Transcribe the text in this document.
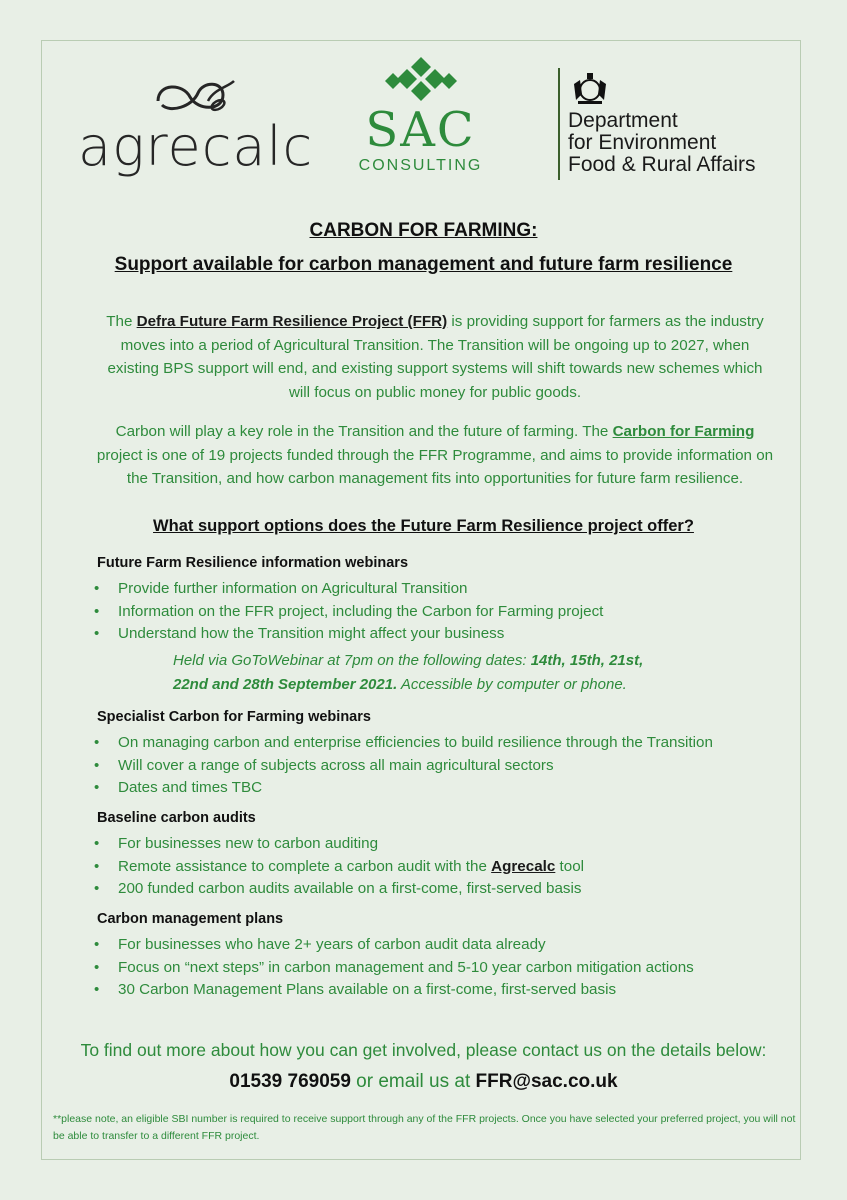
agrecalc	SAC
CONSULTING
Department
for Environment
Food & Rural Affairs
CARBON FOR FARMING:
Support available for carbon management and future farm resilience
The Defra Future Farm Resilience Project (FFR) is providing support for farmers as the industry moves into a period of Agricultural Transition. The Transition will be ongoing up to 2027, when existing BPS support will end, and existing support systems will shift towards new schemes which will focus on public money for public goods.
Carbon will play a key role in the Transition and the future of farming. The Carbon for Farming project is one of 19 projects funded through the FFR Programme, and aims to provide information on the Transition, and how carbon management fits into opportunities for future farm resilience.
What support options does the Future Farm Resilience project offer?
Future Farm Resilience information webinars
• Provide further information on Agricultural Transition
• Information on the FFR project, including the Carbon for Farming project
• Understand how the Transition might affect your business
Held via GoToWebinar at 7pm on the following dates: 14th, 15th, 21st,
22nd and 28th September 2021. Accessible by computer or phone.
Specialist Carbon for Farming webinars
• On managing carbon and enterprise efficiencies to build resilience through the Transition
• Will cover a range of subjects across all main agricultural sectors
• Dates and times TBC
Baseline carbon audits
• For businesses new to carbon auditing
• Remote assistance to complete a carbon audit with the Agrecalc tool
• 200 funded carbon audits available on a first-come, first-served basis
Carbon management plans
• For businesses who have 2+ years of carbon audit data already
• Focus on “next steps” in carbon management and 5-10 year carbon mitigation actions
• 30 Carbon Management Plans available on a first-come, first-served basis
To find out more about how you can get involved, please contact us on the details below:
01539 769059 or email us at FFR@sac.co.uk
**please note, an eligible SBI number is required to receive support through any of the FFR projects. Once you have selected your preferred project, you will not be able to transfer to a different FFR project.
